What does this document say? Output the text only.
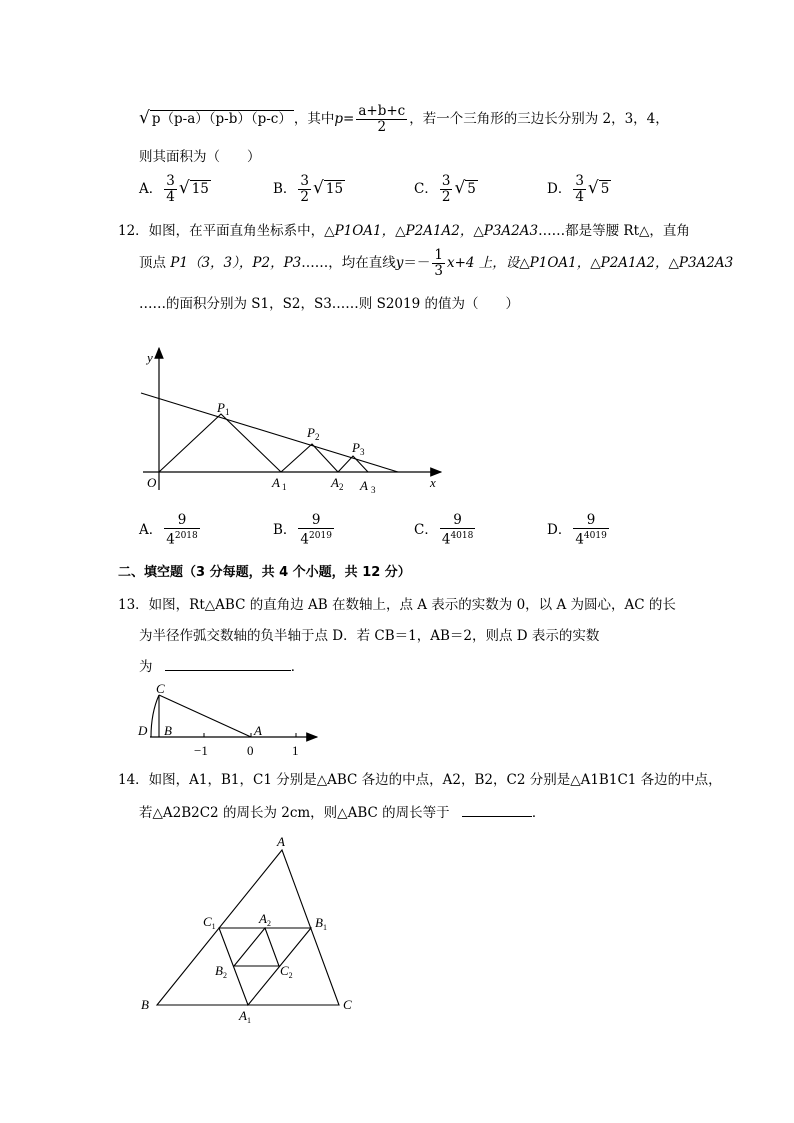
√ p（p-a）（p-b）（p-c） ，其中$p= \frac{a+b+c}{2}$ ，若一个三角形的三边长分别为 2，3，4，
则其面积为（　　）
A． $\frac{3}{4}$ √ 15	B． $\frac{3}{2}$ √ 15	C． $\frac{3}{2}$ √ 5	D． $\frac{3}{4}$ √ 5
12．如图，在平面直角坐标系中，△P1OA1，△P2A1A2，△P3A2A3……都是等腰 Rt△，直角
顶点 P1（3，3），P2，P3……，均在直线$y=- \frac{1}{3} x+4$ 上，设△P1OA1，△P2A1A2，△P3A2A3
……的面积分别为 S1，S2，S3……则 S2019 的值为（　　）
y
x
O
$P_1$
$P_2$
$P_3$
A $_1$	$A_2$ A $_3$
A． $\frac{9}{4^{2018}}$	B． $\frac{9}{4^{2019}}$	C． $\frac{9}{4^{4018}}$	D． $\frac{9}{4^{4019}}$
二、填空题（3 分每题，共 4 个小题，共 12 分）
13．如图，Rt△ABC 的直角边 AB 在数轴上，点 A 表示的实数为 0，以 A 为圆心，AC 的长
为半径作弧交数轴的负半轴于点 D．若 CB＝1，AB＝2，则点 D 表示的实数
为	．
C
D B	A
−1	0	1
14．如图，A1，B1，C1 分别是△ABC 各边的中点，A2，B2，C2 分别是△A1B1C1 各边的中点，
若△A2B2C2 的周长为 2cm，则△ABC 的周长等于	．
A
B	C
$A_1$
$B_1$
$C_1$
$A_2$
$B_2$	$C_2$
